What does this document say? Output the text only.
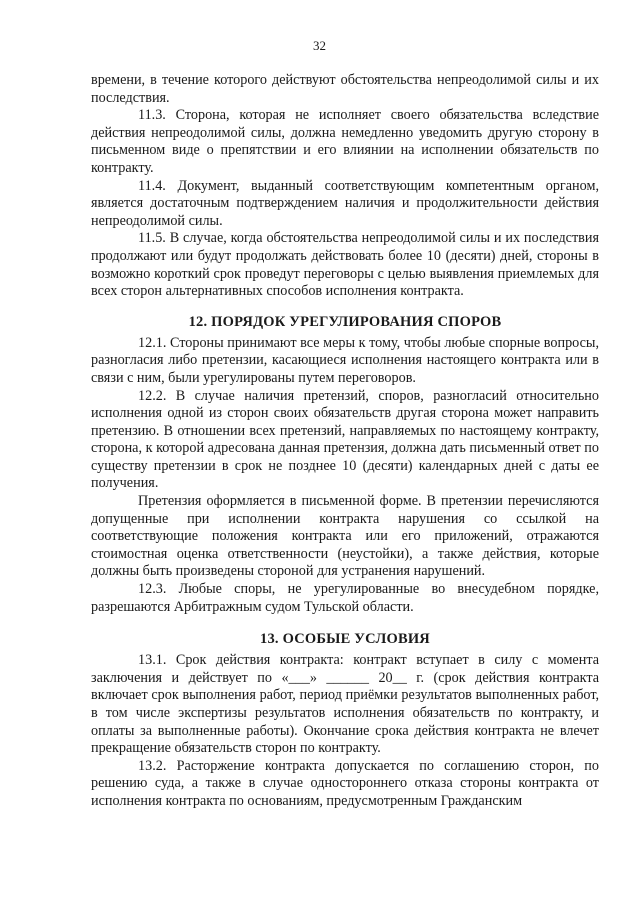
32

времени, в течение которого действуют обстоятельства непреодолимой силы и их последствия.

11.3. Сторона, которая не исполняет своего обязательства вследствие действия непреодолимой силы, должна немедленно уведомить другую сторону в письменном виде о препятствии и его влиянии на исполнении обязательств по контракту.

11.4. Документ, выданный соответствующим компетентным органом, является достаточным подтверждением наличия и продолжительности действия непреодолимой силы.

11.5. В случае, когда обстоятельства непреодолимой силы и их последствия продолжают или будут продолжать действовать более 10 (десяти) дней, стороны в возможно короткий срок проведут переговоры с целью выявления приемлемых для всех сторон альтернативных способов исполнения контракта.

12. ПОРЯДОК УРЕГУЛИРОВАНИЯ СПОРОВ

12.1. Стороны принимают все меры к тому, чтобы любые спорные вопросы, разногласия либо претензии, касающиеся исполнения настоящего контракта или в связи с ним, были урегулированы путем переговоров.

12.2. В случае наличия претензий, споров, разногласий относительно исполнения одной из сторон своих обязательств другая сторона может направить претензию. В отношении всех претензий, направляемых по настоящему контракту, сторона, к которой адресована данная претензия, должна дать письменный ответ по существу претензии в срок не позднее 10 (десяти) календарных дней с даты ее получения.

Претензия оформляется в письменной форме. В претензии перечисляются допущенные при исполнении контракта нарушения со ссылкой на соответствующие положения контракта или его приложений, отражаются стоимостная оценка ответственности (неустойки), а также действия, которые должны быть произведены стороной для устранения нарушений.

12.3. Любые споры, не урегулированные во внесудебном порядке, разрешаются Арбитражным судом Тульской области.

13. ОСОБЫЕ УСЛОВИЯ

13.1. Срок действия контракта: контракт вступает в силу с момента заключения и действует по «___» ______ 20__ г. (срок действия контракта включает срок выполнения работ, период приёмки результатов выполненных работ, в том числе экспертизы результатов исполнения обязательств по контракту, и оплаты за выполненные работы). Окончание срока действия контракта не влечет прекращение обязательств сторон по контракту.

13.2. Расторжение контракта допускается по соглашению сторон, по решению суда, а также в случае одностороннего отказа стороны контракта от исполнения контракта по основаниям, предусмотренным Гражданским
